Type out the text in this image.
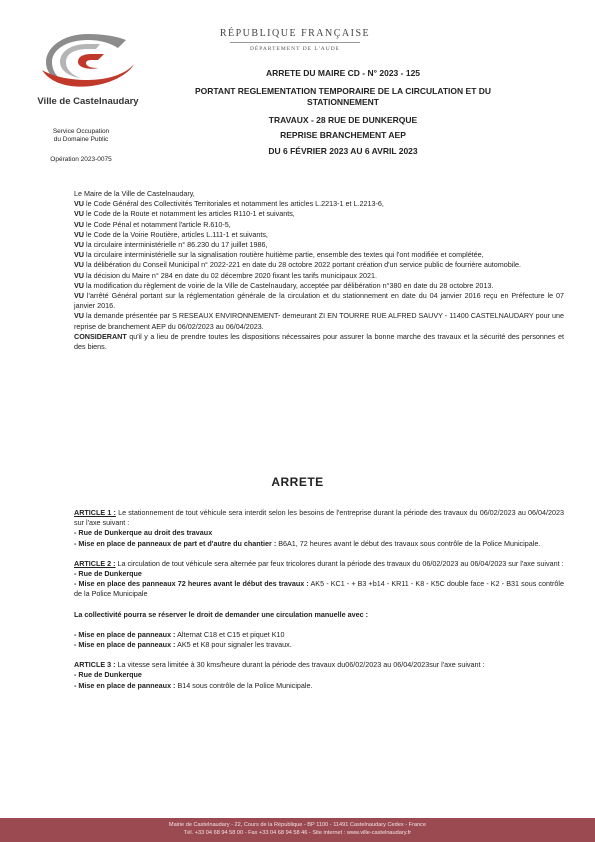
Ville de Castelnaudary
Service Occupation
du Domaine Public
Opération 2023-0075
RÉPUBLIQUE FRANÇAISE
DÉPARTEMENT DE L'AUDE
ARRETE DU MAIRE CD - N° 2023 - 125
PORTANT REGLEMENTATION TEMPORAIRE DE LA CIRCULATION ET DU
STATIONNEMENT
TRAVAUX - 28 RUE DE DUNKERQUE
REPRISE BRANCHEMENT AEP
DU 6 FÉVRIER 2023 AU 6 AVRIL 2023

Le Maire de la Ville de Castelnaudary,

VU le Code Général des Collectivités Territoriales et notamment les articles L.2213-1 et L.2213-6,

VU le Code de la Route et notamment les articles R110-1 et suivants,

VU le Code Pénal et notamment l'article R.610-5,

VU le Code de la Voirie Routière, articles L.111-1 et suivants,

VU la circulaire interministérielle n° 86.230 du 17 juillet 1986,

VU la circulaire interministérielle sur la signalisation routière huitième partie, ensemble des textes qui l'ont modifiée et complétée,

VU la délibération du Conseil Municipal n° 2022-221 en date du 28 octobre 2022 portant création d'un service public de fourrière automobile.

VU la décision du Maire n° 284 en date du 02 décembre 2020 fixant les tarifs municipaux 2021.

VU la modification du règlement de voirie de la Ville de Castelnaudary, acceptée par délibération n°380 en date du 28 octobre 2013.

VU l'arrêté Général portant sur la réglementation générale de la circulation et du stationnement en date du 04 janvier 2016 reçu en Préfecture le 07 janvier 2016.

VU la demande présentée par S RESEAUX ENVIRONNEMENT- demeurant ZI EN TOURRE RUE ALFRED SAUVY - 11400 CASTELNAUDARY pour une reprise de branchement AEP du 06/02/2023 au 06/04/2023.

CONSIDERANT qu'il y a lieu de prendre toutes les dispositions nécessaires pour assurer la bonne marche des travaux et la sécurité des personnes et des biens.

ARRETE

ARTICLE 1 : Le stationnement de tout véhicule sera interdit selon les besoins de l'entreprise durant la période des travaux du 06/02/2023 au 06/04/2023 sur l'axe suivant :

- Rue de Dunkerque au droit des travaux

- Mise en place de panneaux de part et d'autre du chantier : B6A1, 72 heures avant le début des travaux sous contrôle de la Police Municipale.

ARTICLE 2 : La circulation de tout véhicule sera alternée par feux tricolores durant la période des travaux du 06/02/2023 au 06/04/2023 sur l'axe suivant :

- Rue de Dunkerque

- Mise en place des panneaux 72 heures avant le début des travaux : AK5 - KC1 - + B3 +b14 - KR11 - K8 - K5C double face - K2 - B31 sous contrôle de la Police Municipale

La collectivité pourra se réserver le droit de demander une circulation manuelle avec :

- Mise en place de panneaux : Alternat C18 et C15 et piquet K10

- Mise en place de panneaux : AK5 et K8 pour signaler les travaux.

ARTICLE 3 : La vitesse sera limitée à 30 kms/heure durant la période des travaux du06/02/2023 au 06/04/2023sur l'axe suivant :

- Rue de Dunkerque

- Mise en place de panneaux : B14 sous contrôle de la Police Municipale.

Mairie de Castelnaudary - 22, Cours de la République - BP 1100 - 11491 Castelnaudary Cedex - France
Tél. +33 04 68 94 58 00 - Fax +33 04 68 94 58 46 - Site internet : www.ville-castelnaudary.fr
